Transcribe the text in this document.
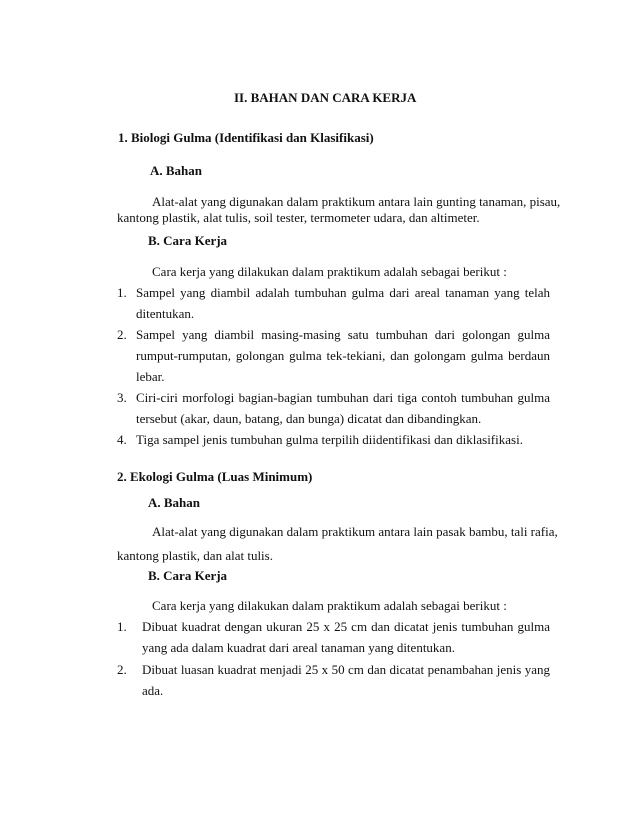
II. BAHAN DAN CARA KERJA
1. Biologi Gulma (Identifikasi dan Klasifikasi)
A. Bahan
Alat-alat yang digunakan dalam praktikum antara lain gunting tanaman, pisau,
kantong plastik, alat tulis, soil tester, termometer udara, dan altimeter.
B. Cara Kerja
Cara kerja yang dilakukan dalam praktikum adalah sebagai berikut :
1. Sampel yang diambil adalah tumbuhan gulma dari areal tanaman yang telah
ditentukan.
2. Sampel yang diambil masing-masing satu tumbuhan dari golongan gulma
rumput-rumputan, golongan gulma tek-tekiani, dan golongam gulma berdaun
lebar.
3. Ciri-ciri morfologi bagian-bagian tumbuhan dari tiga contoh tumbuhan gulma
tersebut (akar, daun, batang, dan bunga) dicatat dan dibandingkan.
4. Tiga sampel jenis tumbuhan gulma terpilih diidentifikasi dan diklasifikasi.
2. Ekologi Gulma (Luas Minimum)
A. Bahan
Alat-alat yang digunakan dalam praktikum antara lain pasak bambu, tali rafia,
kantong plastik, dan alat tulis.
B. Cara Kerja
Cara kerja yang dilakukan dalam praktikum adalah sebagai berikut :
1. Dibuat kuadrat dengan ukuran 25 x 25 cm dan dicatat jenis tumbuhan gulma
yang ada dalam kuadrat dari areal tanaman yang ditentukan.
2. Dibuat luasan kuadrat menjadi 25 x 50 cm dan dicatat penambahan jenis yang
ada.
